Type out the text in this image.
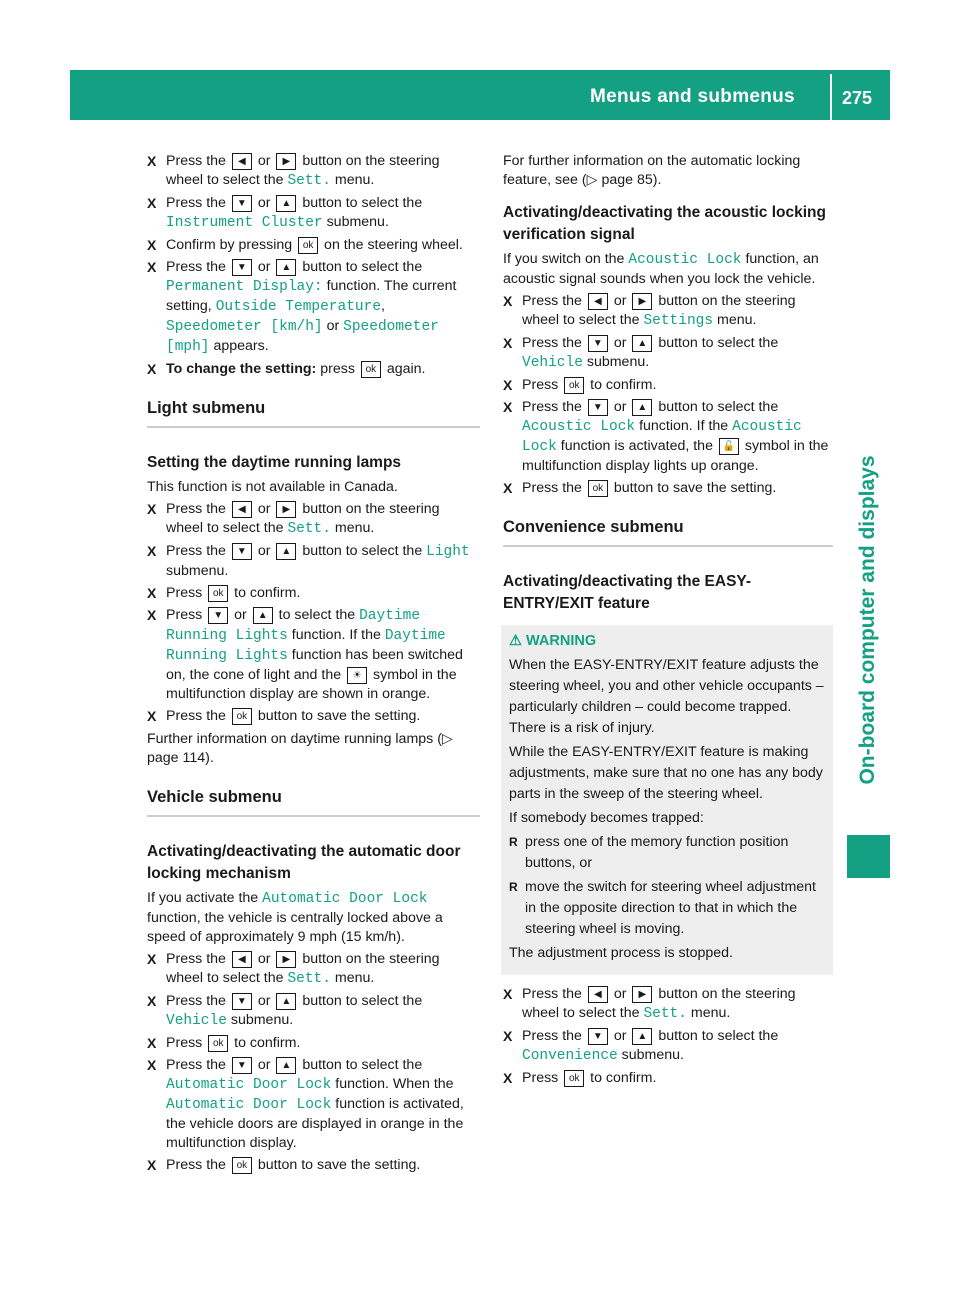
Menus and submenus	275
On-board computer and displays
X Press the ◀ or ▶ button on the steering wheel to select the Sett. menu.
X Press the ▼ or ▲ button to select the Instrument Cluster submenu.
X Confirm by pressing ok on the steering wheel.
X Press the ▼ or ▲ button to select the Permanent Display: function. The current setting, Outside Temperature, Speedometer [km/h] or Speedometer [mph] appears.
X To change the setting: press ok again.
Light submenu
Setting the daytime running lamps
This function is not available in Canada.
X Press the ◀ or ▶ button on the steering wheel to select the Sett. menu.
X Press the ▼ or ▲ button to select the Light submenu.
X Press ok to confirm.
X Press ▼ or ▲ to select the Daytime Running Lights function. If the Daytime Running Lights function has been switched on, the cone of light and the ☀ symbol in the multifunction display are shown in orange.
X Press the ok button to save the setting.
Further information on daytime running lamps (▷ page 114).
Vehicle submenu
Activating/deactivating the automatic door locking mechanism
If you activate the Automatic Door Lock function, the vehicle is centrally locked above a speed of approximately 9 mph (15 km/h).
X Press the ◀ or ▶ button on the steering wheel to select the Sett. menu.
X Press the ▼ or ▲ button to select the Vehicle submenu.
X Press ok to confirm.
X Press the ▼ or ▲ button to select the Automatic Door Lock function. When the Automatic Door Lock function is activated, the vehicle doors are displayed in orange in the multifunction display.
X Press the ok button to save the setting.
For further information on the automatic locking feature, see (▷ page 85).
Activating/deactivating the acoustic locking verification signal
If you switch on the Acoustic Lock function, an acoustic signal sounds when you lock the vehicle.
X Press the ◀ or ▶ button on the steering wheel to select the Settings menu.
X Press the ▼ or ▲ button to select the Vehicle submenu.
X Press ok to confirm.
X Press the ▼ or ▲ button to select the Acoustic Lock function. If the Acoustic Lock function is activated, the 🔓 symbol in the multifunction display lights up orange.
X Press the ok button to save the setting.
Convenience submenu
Activating/deactivating the EASY-ENTRY/EXIT feature
⚠ WARNING
When the EASY-ENTRY/EXIT feature adjusts the steering wheel, you and other vehicle occupants – particularly children – could become trapped. There is a risk of injury.
While the EASY-ENTRY/EXIT feature is making adjustments, make sure that no one has any body parts in the sweep of the steering wheel.
If somebody becomes trapped:
R press one of the memory function position buttons, or
R move the switch for steering wheel adjustment in the opposite direction to that in which the steering wheel is moving.
The adjustment process is stopped.
X Press the ◀ or ▶ button on the steering wheel to select the Sett. menu.
X Press the ▼ or ▲ button to select the Convenience submenu.
X Press ok to confirm.
